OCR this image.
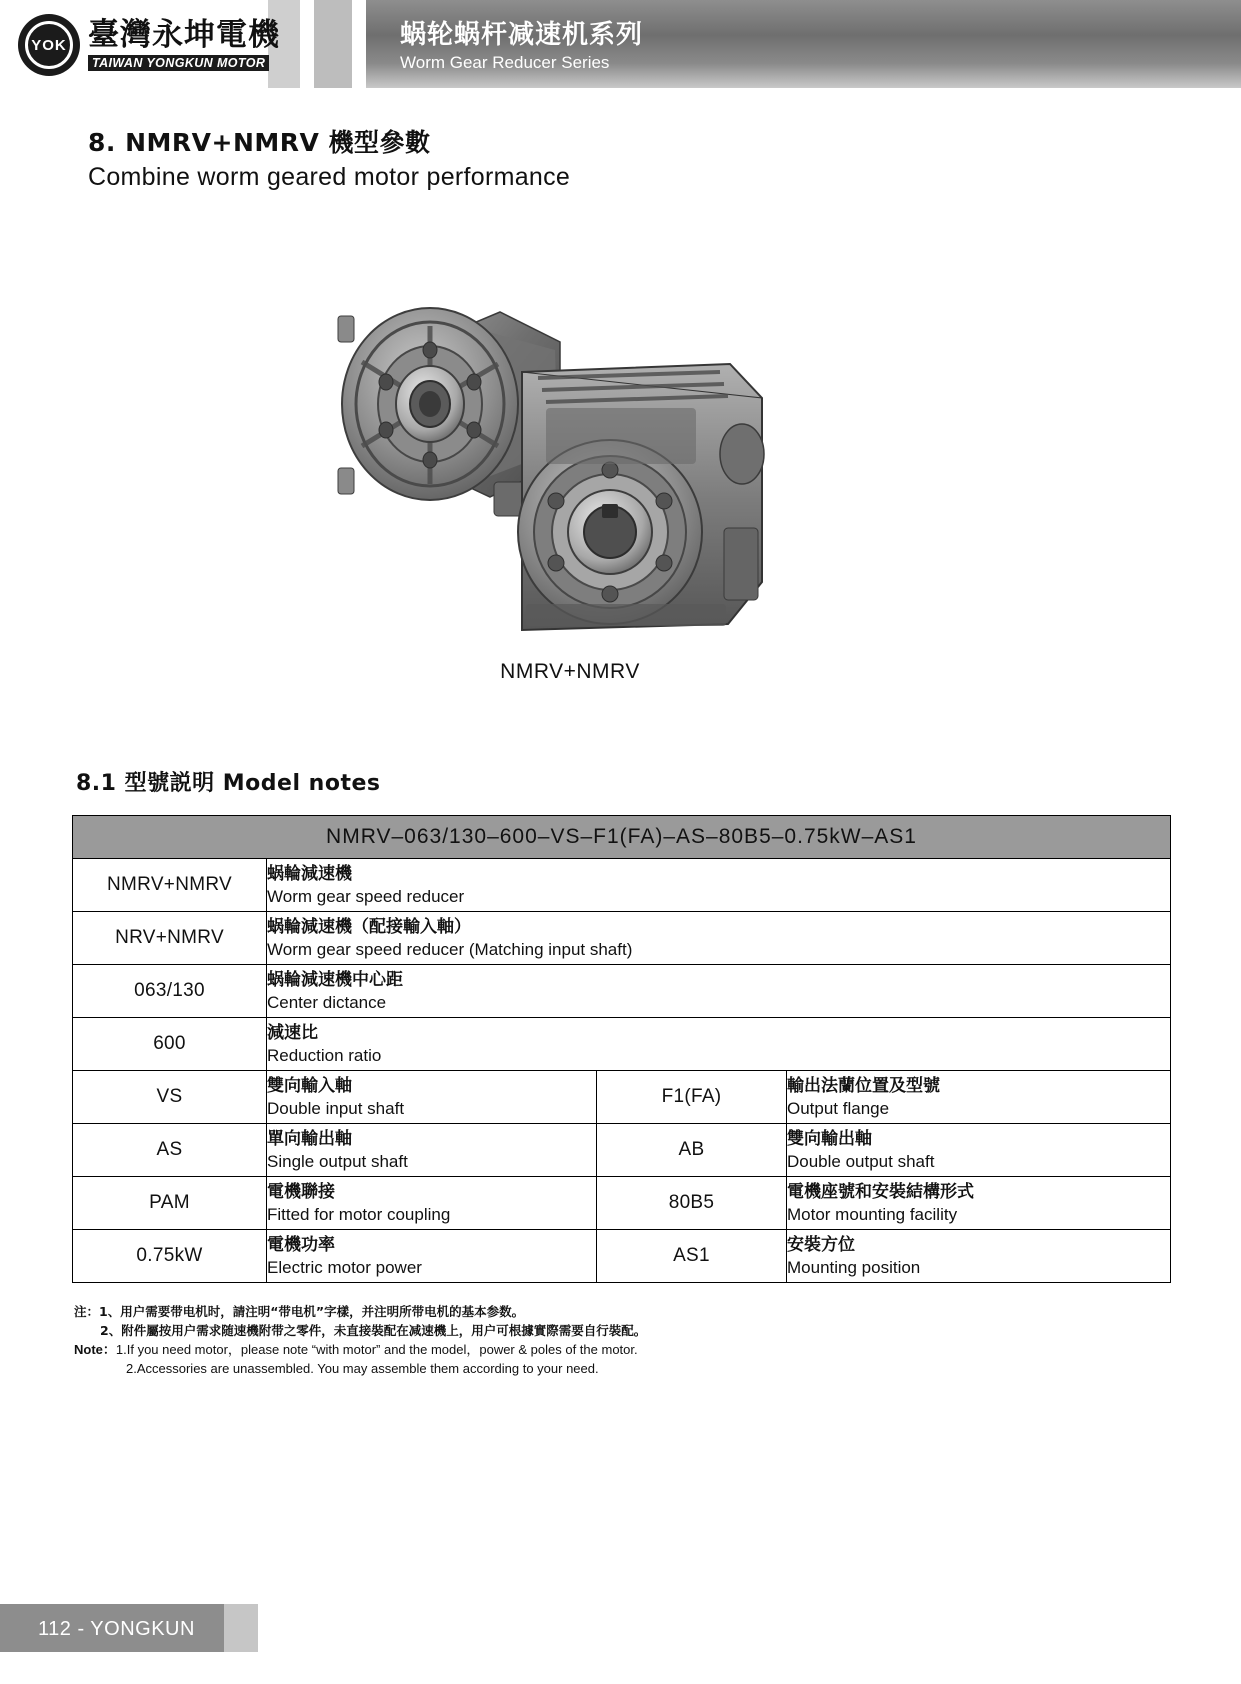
YOK 臺灣永坤電機
TAIWAN YONGKUN MOTOR
蜗轮蜗杆减速机系列
Worm Gear Reducer Series
8. NMRV+NMRV 機型參數
Combine worm geared motor performance
NMRV+NMRV
8.1 型號説明 Model notes
NMRV–063/130–600–VS–F1(FA)–AS–80B5–0.75kW–AS1			
NMRV+NMRV	蜗輪減速機
Worm gear speed reducer		

NRV+NMRV	蜗輪減速機（配接輸入軸）
Worm gear speed reducer (Matching input shaft)		

063/130	蜗輪減速機中心距
Center dictance		

600	減速比
Reduction ratio		

VS	
雙向輸入軸
Double input shaft
	F1(FA)	
輸出法蘭位置及型號
Output flange

AS	
單向輸出軸
Single output shaft
	AB	
雙向輸出軸
Double output shaft

PAM	
電機聯接
Fitted for motor coupling
	80B5	
電機座號和安裝結構形式
Motor mounting facility

0.75kW	
電機功率
Electric motor power
	AS1	
安裝方位
Mounting position
注：1、用户需要带电机时，請注明“带电机”字樣，并注明所带电机的基本参数。
2、附件屬按用户需求随速機附带之零件，未直接裝配在减速機上，用户可根據實際需要自行裝配。
Note：1.If you need motor，please note “with motor” and the model，power & poles of the motor.
2.Accessories are unassembled. You may assemble them according to your need.
112 - YONGKUN
